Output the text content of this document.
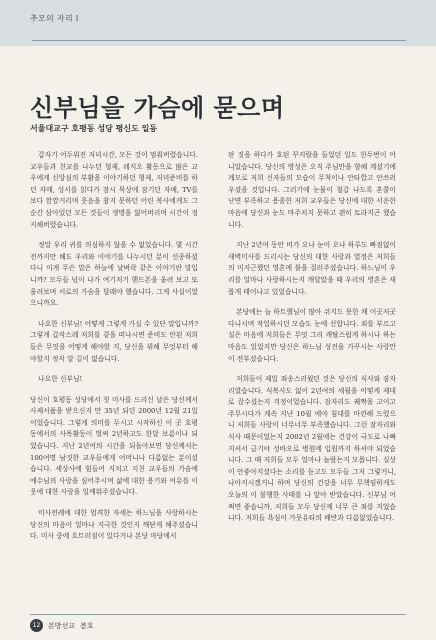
추모의 자리 Ⅰ
신부님을 가슴에 묻으며
서울대교구 호평동 성당 평신도 일동

갑자기 어두워진 저녁시간, 모든 것이 멈춰버렸습니다. 교우들과 친교를 나누던 형제, 레지오 활동으로 많은 교우에게 신앙심의 부활을 이야기하던 형제, 저녁준비를 하던 자매, 성서를 읽다가 잠시 묵상에 잠기던 자매, TV를 보다 깜깜거리며 웃음을 참지 못하던 어린 복사에게도 그 순간 삼아있던 모든 것들이 생명을 잃어버리며 시간이 정지해버렸습니다.

정말 우리 귀를 의심하지 않을 수 없었습니다. 몇 시간 전까지만 해도 우리와 이야기를 나누시던 분이 선종하셨다니 이게 무슨 말은 하늘에 날벼락 같은 이야기란 말입니까? 모두들 넋이 나가 여기저기 핸드폰을 울려 보고 또 울려보며 서로의 가슴을 달래야 했습니다. 그게 사실이었으니까요.

나요한 신부님! 어떻게 그렇게 가실 수 있단 말입니까? 그렇게 갑작스레 저희를 곁을 떠나시면 준비도 안된 저희들은 무엇을 어떻게 해야할 지, 당신을 위해 무엇부터 해야할지 정작 알 길이 없습니다.

나요한 신부님!

당신이 호평동 성당에서 첫 미사를 드리신 날은 당신께서 사제서품을 받으신지 만 35년 되던 2000년 12월 21일 이었습니다. 그렇게 의미를 두시고 시작하신 이 곳 호평동에서의 사목활동이 벌써 2년하고도 한달 보름이나 되었습니다. 지난 2년여의 시간을 되돌아보면 당신께서는 100여명 남짓한 교우들에게 어머니나 다름없는 분이셨습니다. 세상사에 힘들어 지치고 지친 교우들의 가슴에 예수님의 사랑을 심어주시며 삶에 대한 용기와 여유를 이웃에 대한 사랑을 일깨워주셨습니다.

미사전례에 대한 엄격한 자세는 하느님을 사랑하시는 당신의 마음이 얼마나 지극한 것인지 깨닫게 해주셨습니다. 미사 중에 흐트러짐이 있다거나 본당 마당에서

판 짓을 하다가 호된 꾸지람을 들었던 일도 한두번이 아니었습니다. 당신의 영성은 오직 주님만을 향해 계셨기에 계모로 저희 신자들의 모습이 무척이나 안타깝고 안쓰러우셨을 것입니다. 그러기에 눈물이 철갑 나도록 혼쭐이 난면 부족하고 용졸한 저희 교우들은 당신에 대한 서운한 마음에 당신과 눈도 마주치지 못하고 괜히 토라지곤 했습니다.

지난 2년여 동안 비가 오나 눈이 오나 하루도 빠짐없이 새벽미사를 드리시는 당신의 대한 사랑과 열정은 저희들의 미지근했던 영혼에 불을 질러주셨습니다. 하느님이 우리를 얼마나 사랑하시는지 깨달았을 때 우리의 영혼은 새롭게 태어나고 있었습니다.

본당에는 늘 하트했님이 많아 쉬지도 못한 채 이곳저곳 다니시며 작업하시던 모습도 눈에 선합니다. 죄를 부르고 실은 마음에 저희들은 무엇 그리 캐탈스럽게 하시나 하는 마음도 있었지만 당신은 하느님 성전을 가꾸시는 사랑만이 전부셨습니다.

저희들이 제일 죄송스러웠던 것은 당신의 식사와 잠자리였습니다. 식복사도 없이 2년여의 세월을 어떻게 제대로 잡수셨는지 걱정이었습니다. 잠자리도 궤짝을 고이고 주무시다가 계속 지난 10월 에야 침대를 마련해 드렸으니 저희들 사랑이 너무너무 부족했습니다. 그런 잠자리와 식사 때문이었는지 2002년 2월에는 건강이 극도로 나빠지셔서 급기야 성바오로 병원에 입원까지 하셔야 되었습니다. 그 때 저희들 모두 얼마나 놀랐는지 모릅니다. 실상이 안좋아지셨다는 소리를 듣고도 모두들 그저 그렇거니, 나아지시겠거니 하며 당신의 건강을 너무 무책임하게도 오늘의 이 불행한 사태를 나 앞아 받았습니다. 신부님 어쩌면 좋습니까, 저희들 모두 당신께 너무 큰 죄를 지었습니다. 저희들 욕심이 가뭇유타의 배반과 다름없었습니다.

12	본방선교 봄호
